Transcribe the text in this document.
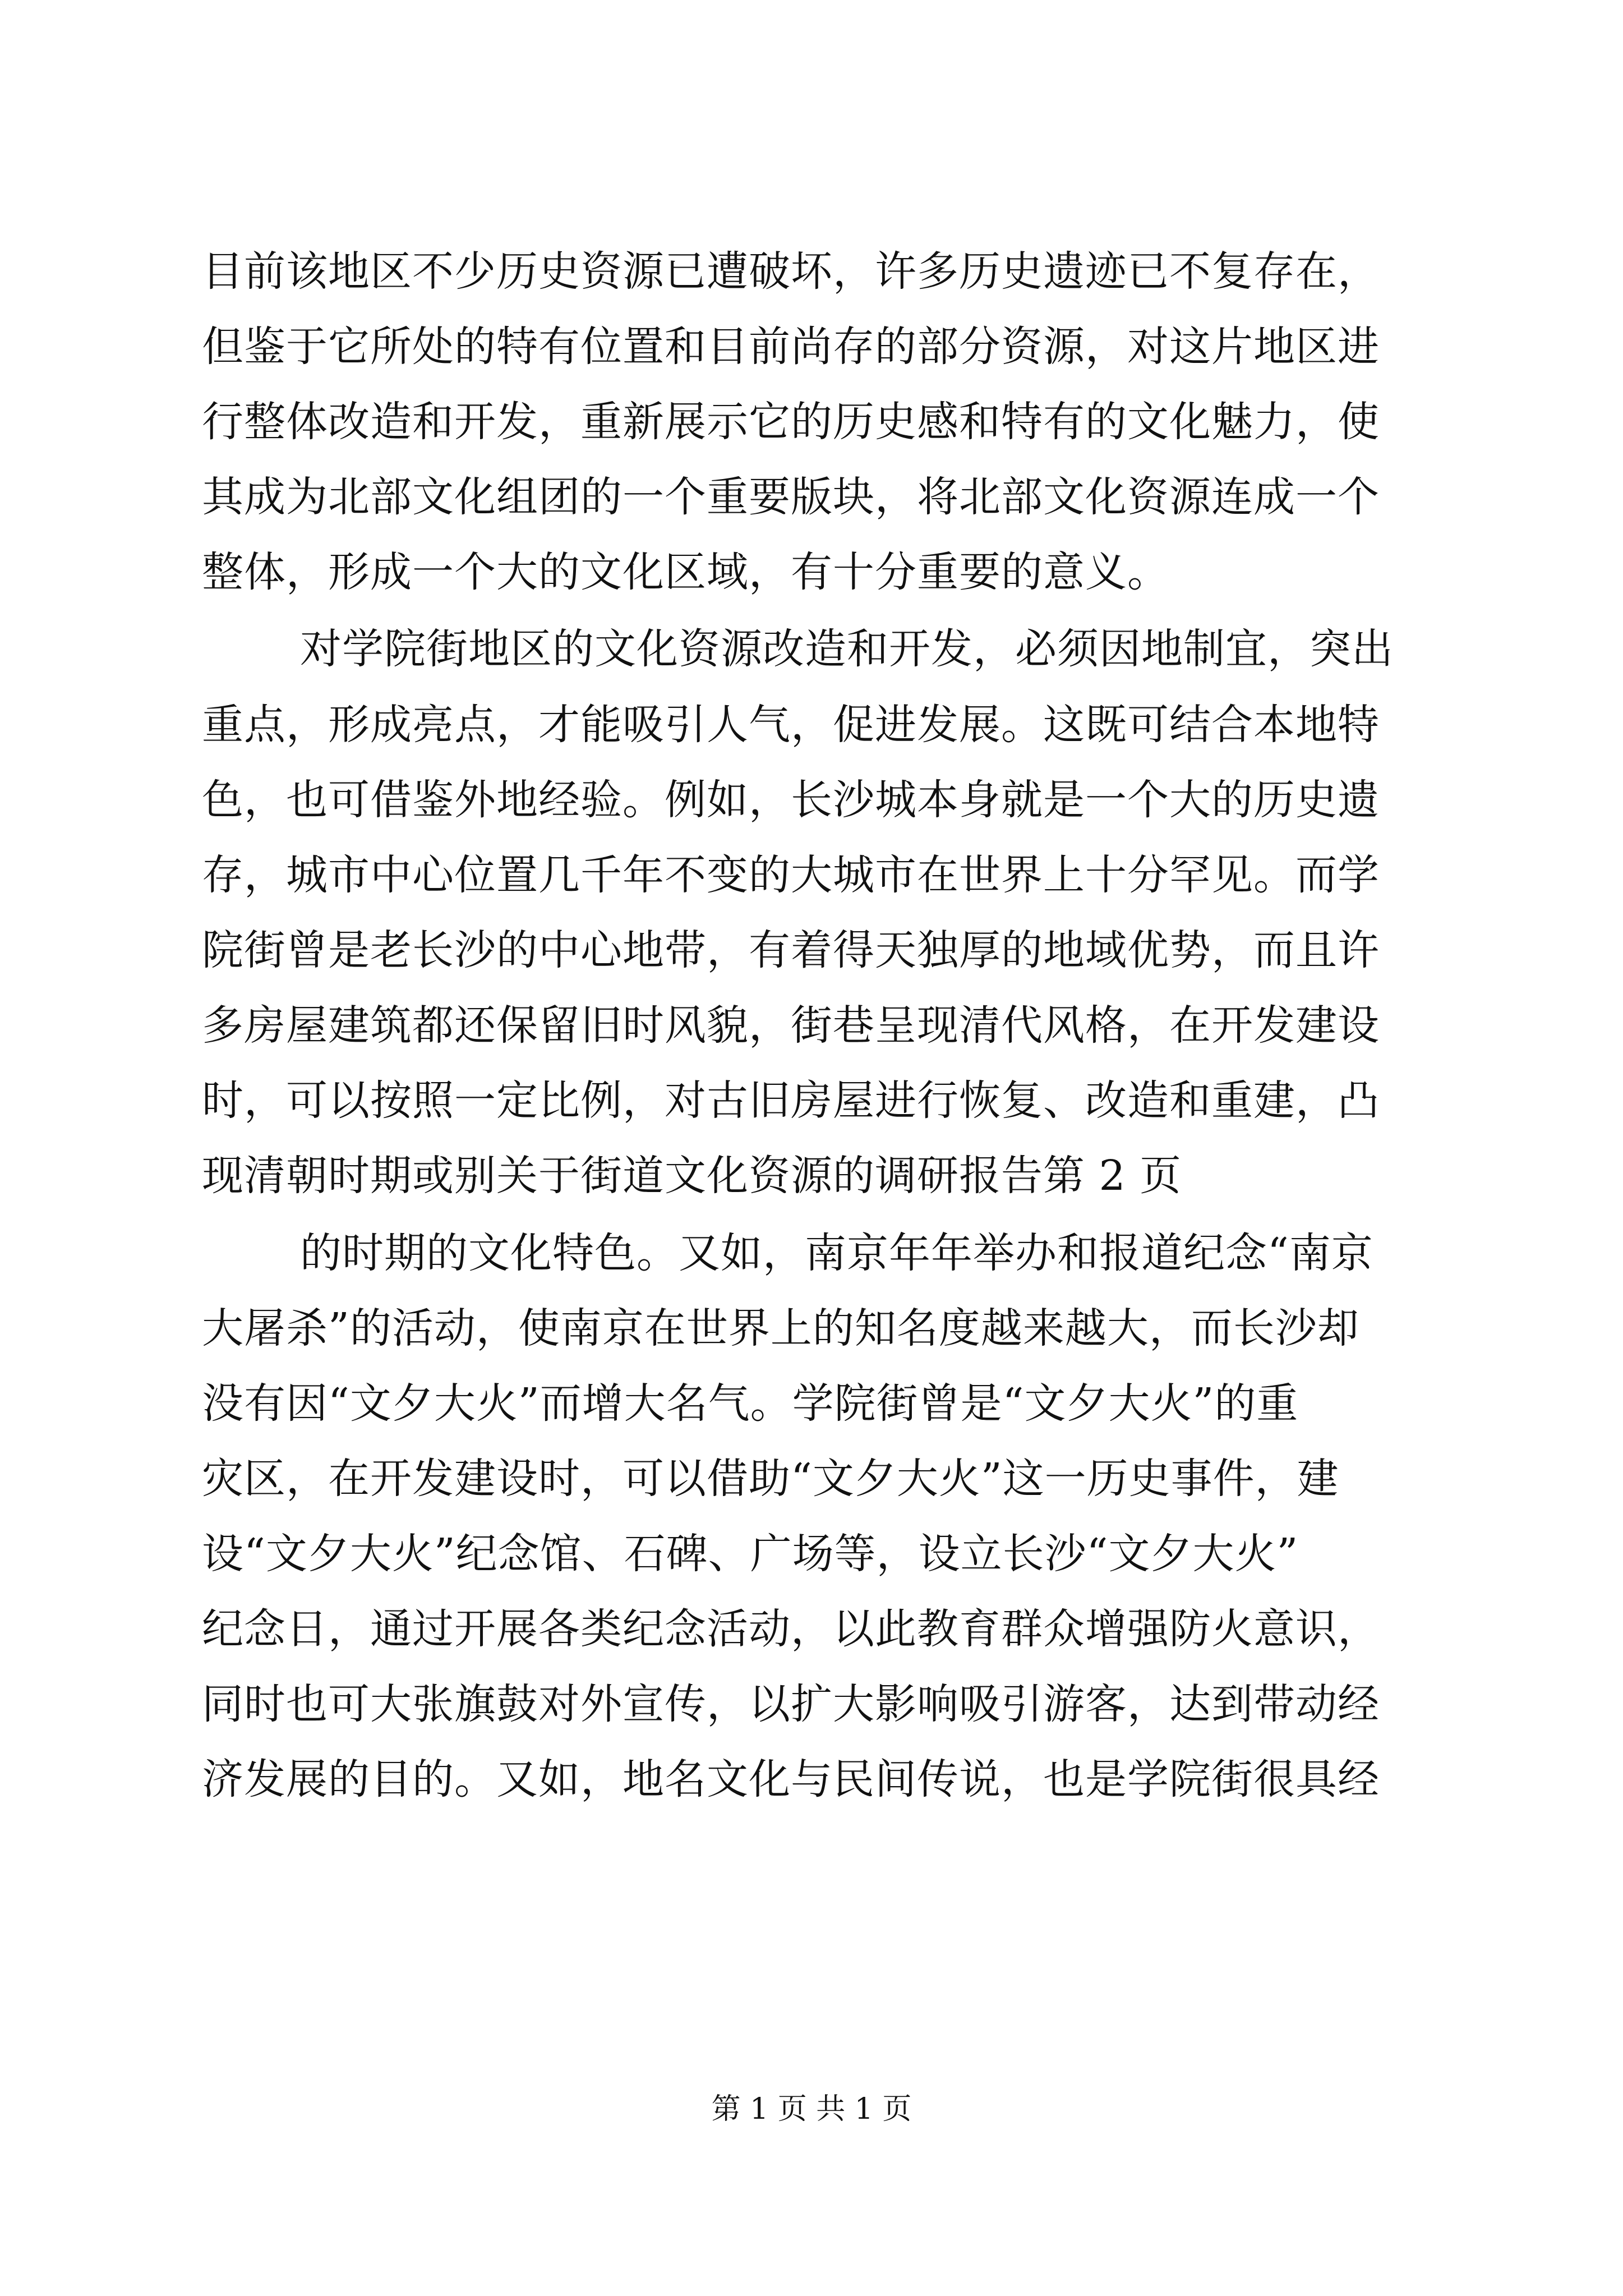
目前该地区不少历史资源已遭破坏，许多历史遗迹已不复存在，
但鉴于它所处的特有位置和目前尚存的部分资源，对这片地区进
行整体改造和开发，重新展示它的历史感和特有的文化魅力，使
其成为北部文化组团的一个重要版块，将北部文化资源连成一个
整体，形成一个大的文化区域，有十分重要的意义。
对学院街地区的文化资源改造和开发，必须因地制宜，突出
重点，形成亮点，才能吸引人气，促进发展。这既可结合本地特
色，也可借鉴外地经验。例如，长沙城本身就是一个大的历史遗
存，城市中心位置几千年不变的大城市在世界上十分罕见。而学
院街曾是老长沙的中心地带，有着得天独厚的地域优势，而且许
多房屋建筑都还保留旧时风貌，街巷呈现清代风格，在开发建设
时，可以按照一定比例，对古旧房屋进行恢复、改造和重建，凸
现清朝时期或别关于街道文化资源的调研报告第 2 页
的时期的文化特色。又如，南京年年举办和报道纪念“南京
大屠杀”的活动，使南京在世界上的知名度越来越大，而长沙却
没有因“文夕大火”而增大名气。学院街曾是“文夕大火”的重
灾区，在开发建设时，可以借助“文夕大火”这一历史事件，建
设“文夕大火”纪念馆、石碑、广场等，设立长沙“文夕大火”
纪念日，通过开展各类纪念活动，以此教育群众增强防火意识，
同时也可大张旗鼓对外宣传，以扩大影响吸引游客，达到带动经
济发展的目的。又如，地名文化与民间传说，也是学院街很具经
第 1 页 共 1 页
